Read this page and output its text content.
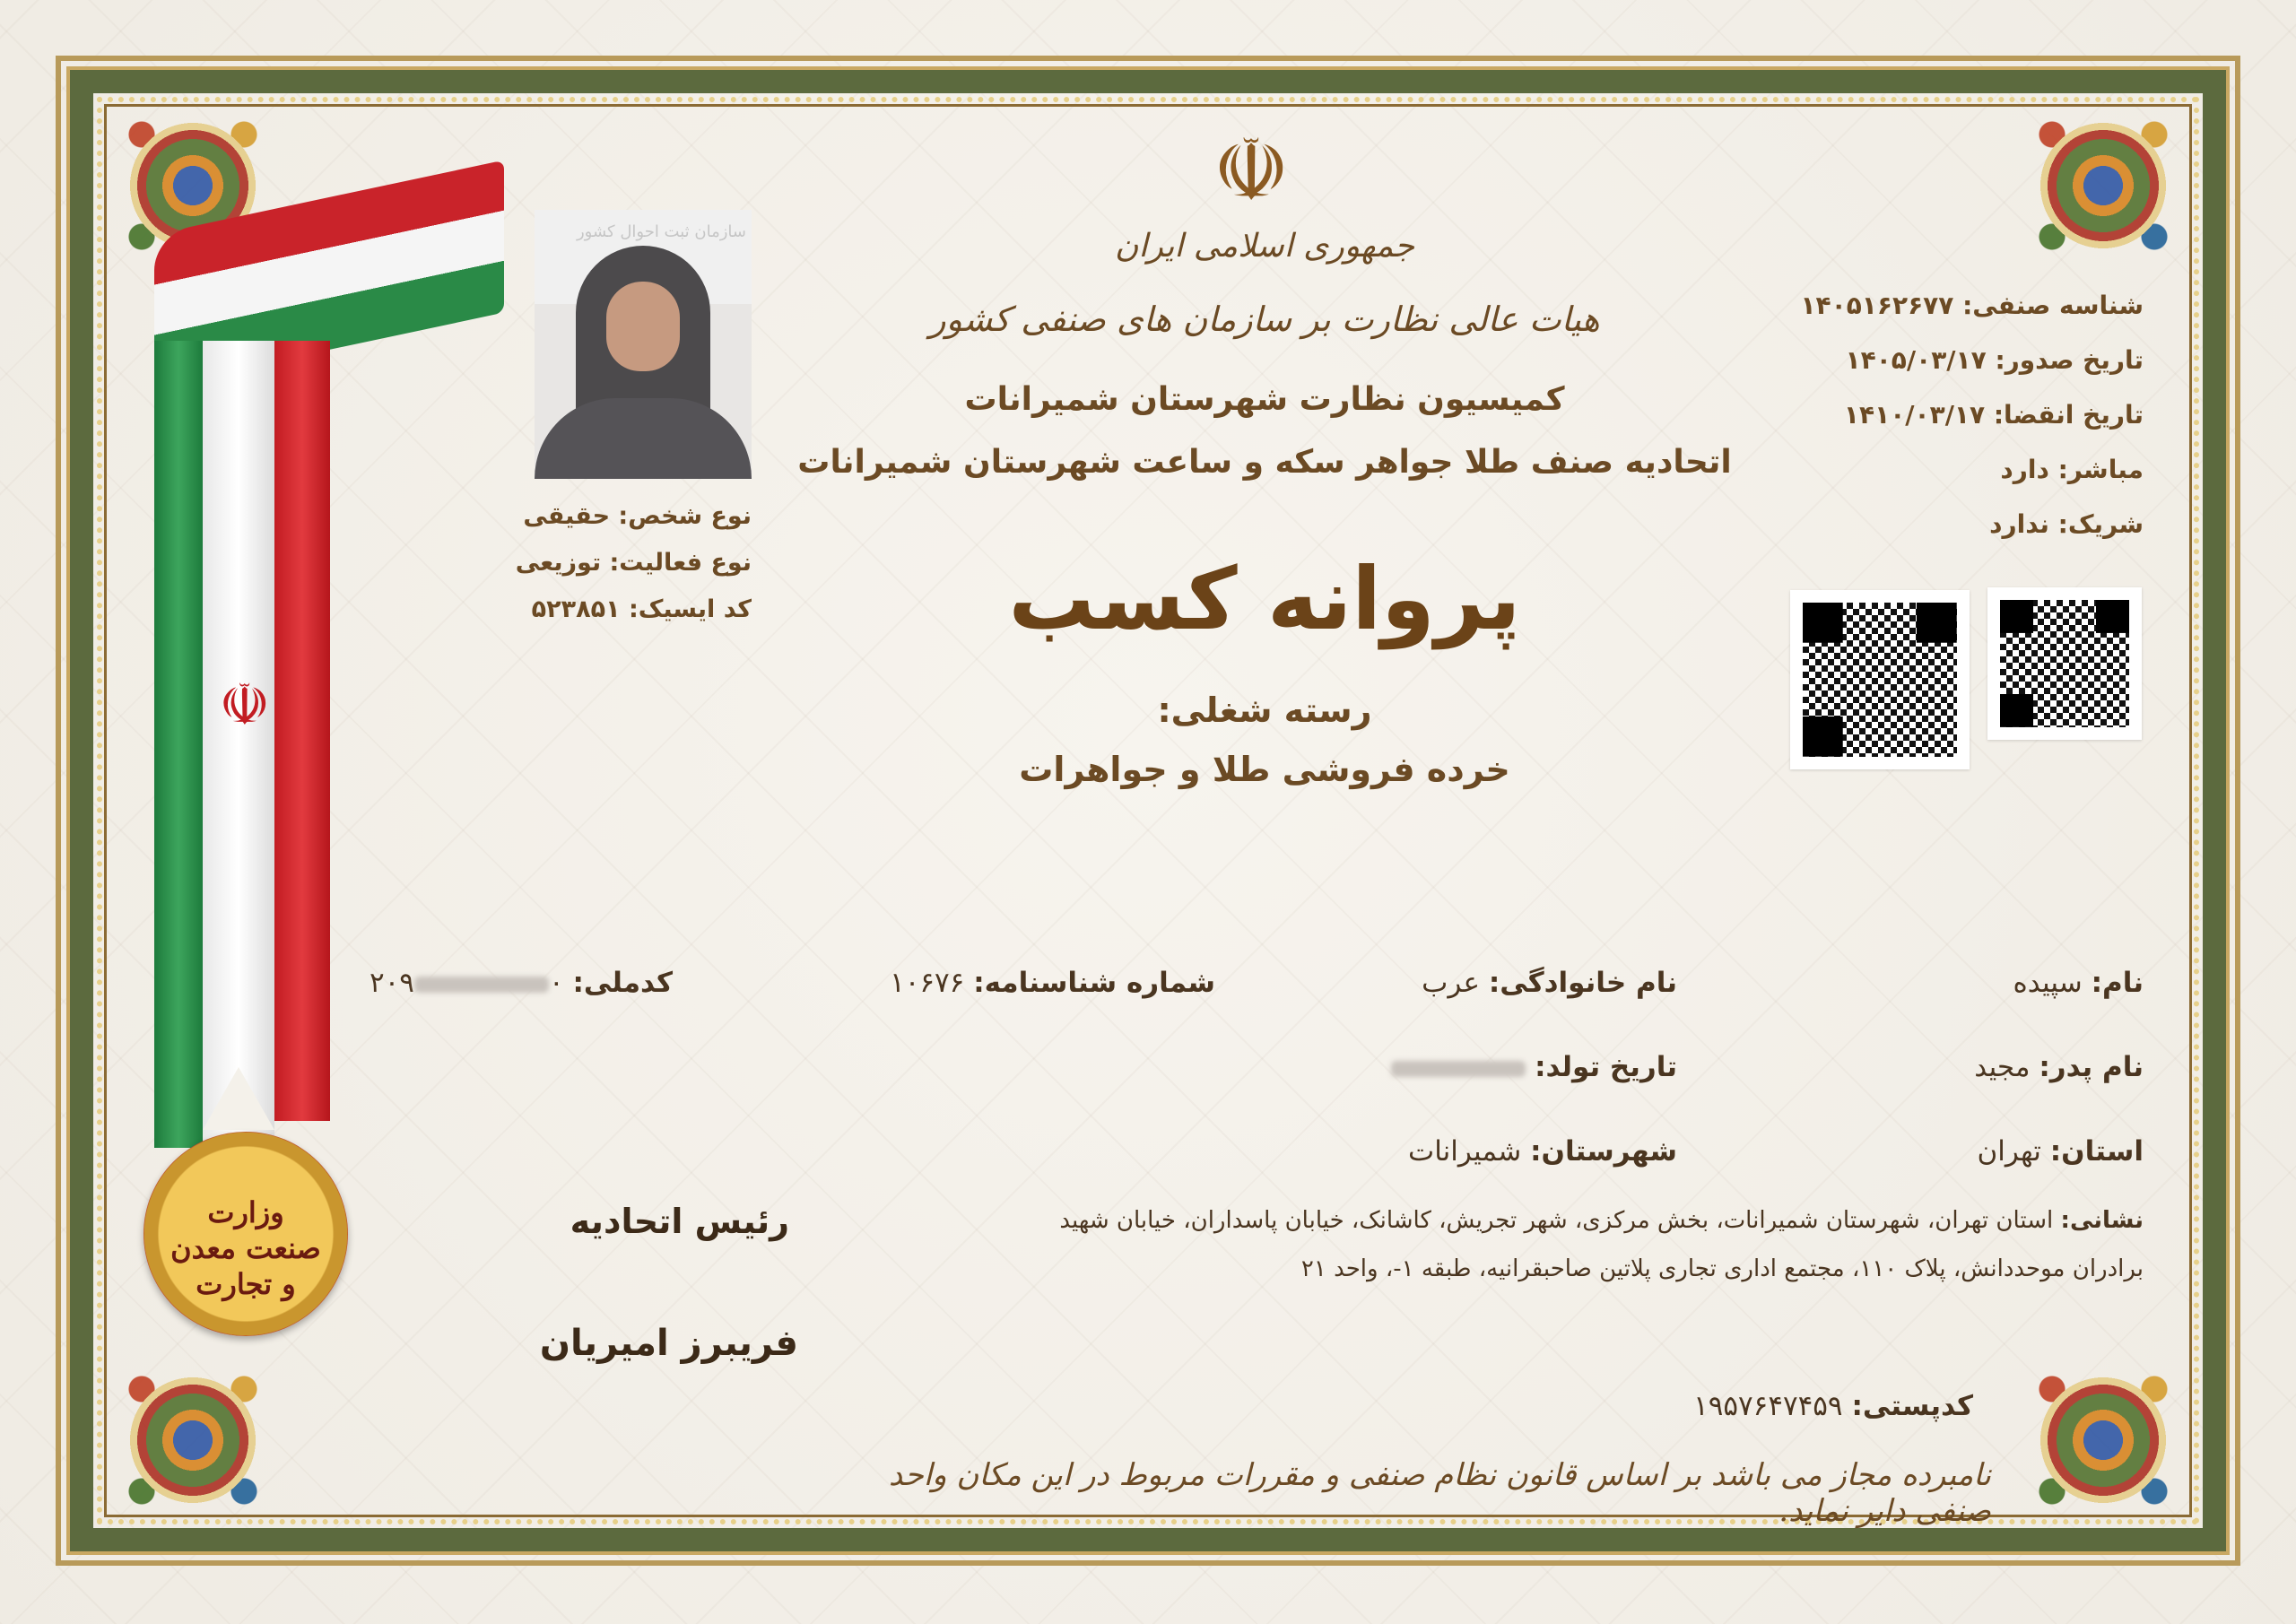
☫
وزارت
صنعت معدن
و تجارت
سازمان ثبت احوال کشور
نوع شخص: حقیقی
نوع فعالیت: توزیعی
کد ایسیک: ۵۲۳۸۵۱
☫
جمهوری اسلامی ایران
هیات عالی نظارت بر سازمان های صنفی کشور
کمیسیون نظارت شهرستان شمیرانات
اتحادیه صنف طلا جواهر سکه و ساعت شهرستان شمیرانات
پروانه کسب
رسته شغلی:
خرده فروشی طلا و جواهرات
شناسه صنفی: ۱۴۰۵۱۶۲۶۷۷
تاریخ صدور: ۱۴۰۵/۰۳/۱۷
تاریخ انقضا: ۱۴۱۰/۰۳/۱۷
مباشر: دارد
شریک: ندارد
نام: سپیده
نام خانوادگی: عرب
شماره شناسنامه: ۱۰۶۷۶
کدملی: ۰۲۰۹
نام پدر: مجید
تاریخ تولد:
استان: تهران
شهرستان: شمیرانات
نشانی: استان تهران، شهرستان شمیرانات، بخش مرکزی، شهر تجریش، کاشانک، خیابان پاسداران، خیابان شهید
برادران موحددانش، پلاک ۱۱۰، مجتمع اداری تجاری پلاتین صاحبقرانیه، طبقه ۱-، واحد ۲۱
کدپستی: ۱۹۵۷۶۴۷۴۵۹
رئیس اتحادیه
فریبرز امیریان
نامبرده مجاز می باشد بر اساس قانون نظام صنفی و مقررات مربوط در این مکان واحد صنفی دایر نماید.
